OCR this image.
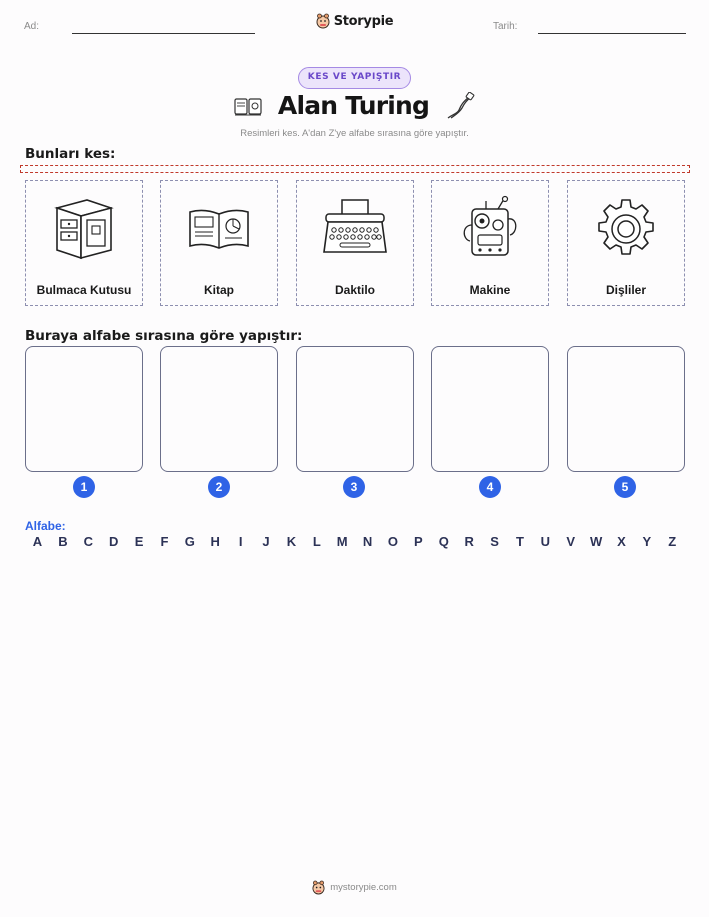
Ad:	Tarih:
Storypie
KES VE YAPIŞTIR
Alan Turing
Resimleri kes. A'dan Z'ye alfabe sırasına göre yapıştır.
Bunları kes:
Bulmaca Kutusu	Kitap	Daktilo	Makine	Dişliler
Buraya alfabe sırasına göre yapıştır:
1	2	3	4	5
Alfabe:
A	B	C	D	E	F	G	H	I	J	K	L	M	N	O	P	Q	R	S	T	U	V	W	X	Y	Z
mystorypie.com
